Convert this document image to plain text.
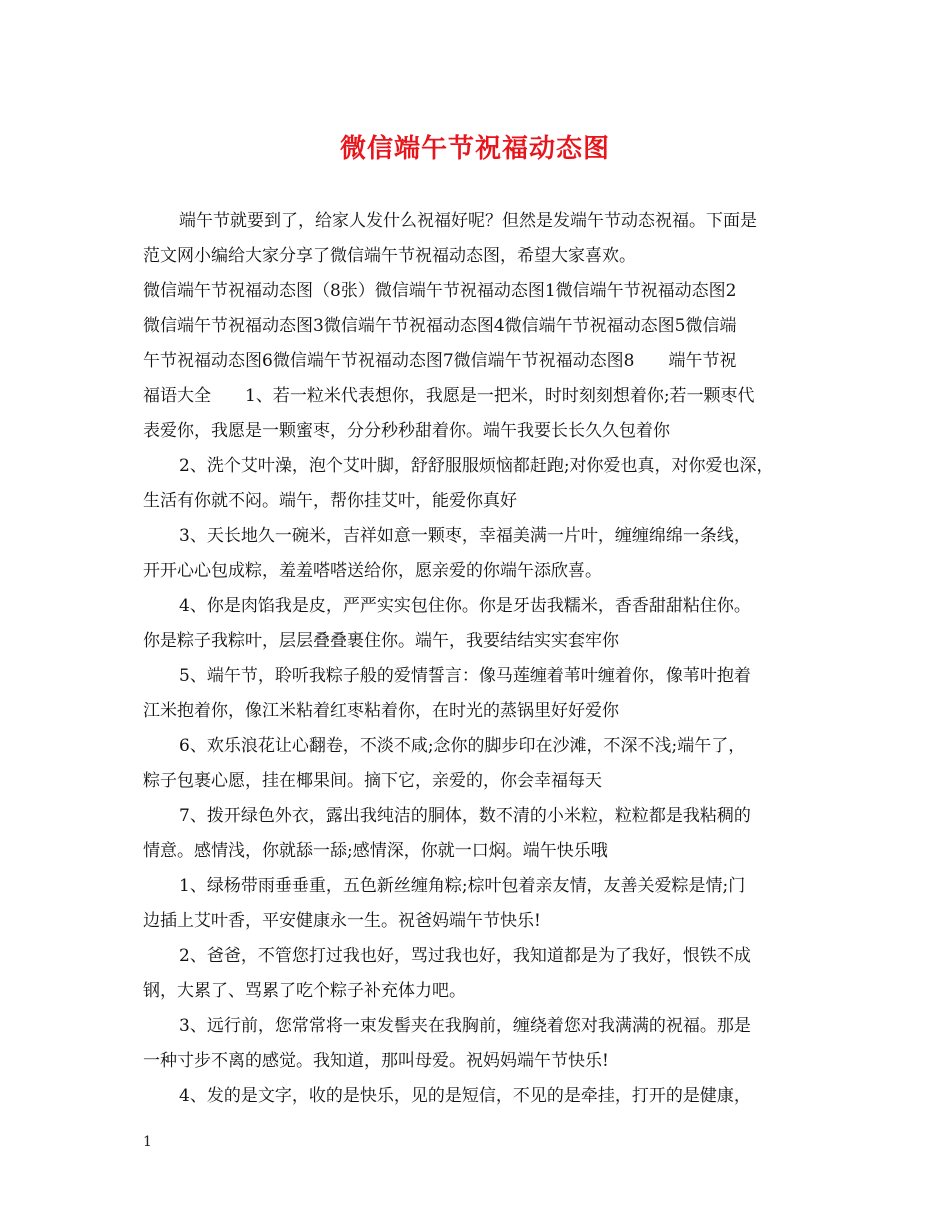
微信端午节祝福动态图
端午节就要到了，给家人发什么祝福好呢？但然是发端午节动态祝福。下面是
范文网小编给大家分享了微信端午节祝福动态图，希望大家喜欢。
微信端午节祝福动态图（8张）微信端午节祝福动态图1微信端午节祝福动态图2
微信端午节祝福动态图3微信端午节祝福动态图4微信端午节祝福动态图5微信端
午节祝福动态图6微信端午节祝福动态图7微信端午节祝福动态图8　　端午节祝
福语大全　　1、若一粒米代表想你，我愿是一把米，时时刻刻想着你;若一颗枣代
表爱你，我愿是一颗蜜枣，分分秒秒甜着你。端午我要长长久久包着你
2、洗个艾叶澡，泡个艾叶脚，舒舒服服烦恼都赶跑;对你爱也真，对你爱也深，
生活有你就不闷。端午，帮你挂艾叶，能爱你真好
3、天长地久一碗米，吉祥如意一颗枣，幸福美满一片叶，缠缠绵绵一条线，
开开心心包成粽，羞羞嗒嗒送给你，愿亲爱的你端午添欣喜。
4、你是肉馅我是皮，严严实实包住你。你是牙齿我糯米，香香甜甜粘住你。
你是粽子我粽叶，层层叠叠裹住你。端午，我要结结实实套牢你
5、端午节，聆听我粽子般的爱情誓言：像马莲缠着苇叶缠着你，像苇叶抱着
江米抱着你，像江米粘着红枣粘着你，在时光的蒸锅里好好爱你
6、欢乐浪花让心翻卷，不淡不咸;念你的脚步印在沙滩，不深不浅;端午了，
粽子包裹心愿，挂在椰果间。摘下它，亲爱的，你会幸福每天
7、拨开绿色外衣，露出我纯洁的胴体，数不清的小米粒，粒粒都是我粘稠的
情意。感情浅，你就舔一舔;感情深，你就一口焖。端午快乐哦
1、绿杨带雨垂垂重，五色新丝缠角粽;棕叶包着亲友情，友善关爱粽是情;门
边插上艾叶香，平安健康永一生。祝爸妈端午节快乐!
2、爸爸，不管您打过我也好，骂过我也好，我知道都是为了我好，恨铁不成
钢，大累了、骂累了吃个粽子补充体力吧。
3、远行前，您常常将一束发髻夹在我胸前，缠绕着您对我满满的祝福。那是
一种寸步不离的感觉。我知道，那叫母爱。祝妈妈端午节快乐!
4、发的是文字，收的是快乐，见的是短信，不见的是牵挂，打开的是健康，
1
